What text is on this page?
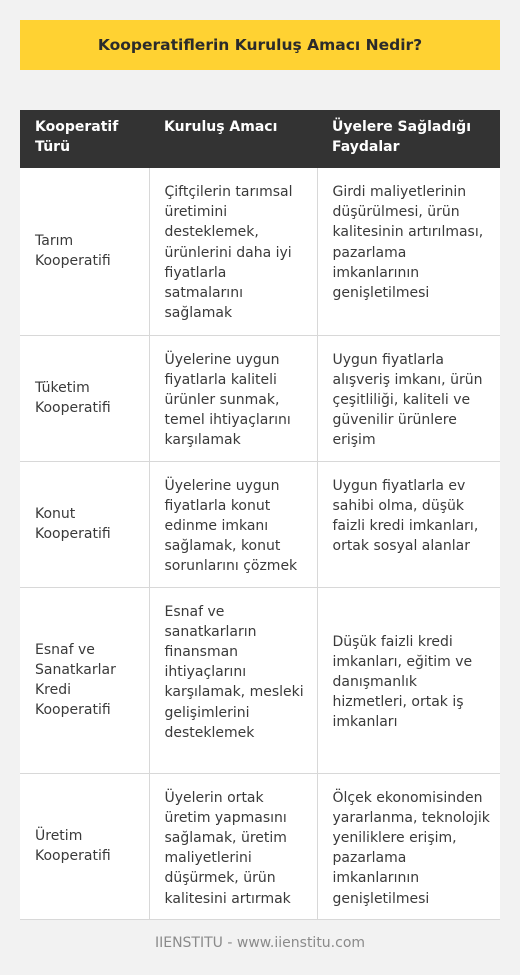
Kooperatiflerin Kuruluş Amacı Nedir?
Kooperatif Türü	Kuruluş Amacı	Üyelere Sağladığı Faydalar
Tarım Kooperatifi	Çiftçilerin tarımsal üretimini desteklemek, ürünlerini daha iyi fiyatlarla satmalarını sağlamak	Girdi maliyetlerinin düşürülmesi, ürün kalitesinin artırılması, pazarlama imkanlarının genişletilmesi
Tüketim Kooperatifi	Üyelerine uygun fiyatlarla kaliteli ürünler sunmak, temel ihtiyaçlarını karşılamak	Uygun fiyatlarla alışveriş imkanı, ürün çeşitliliği, kaliteli ve güvenilir ürünlere erişim
Konut Kooperatifi	Üyelerine uygun fiyatlarla konut edinme imkanı sağlamak, konut sorunlarını çözmek	Uygun fiyatlarla ev sahibi olma, düşük faizli kredi imkanları, ortak sosyal alanlar
Esnaf ve Sanatkarlar Kredi Kooperatifi	Esnaf ve sanatkarların finansman ihtiyaçlarını karşılamak, mesleki gelişimlerini desteklemek	Düşük faizli kredi imkanları, eğitim ve danışmanlık hizmetleri, ortak iş imkanları
Üretim Kooperatifi	Üyelerin ortak üretim yapmasını sağlamak, üretim maliyetlerini düşürmek, ürün kalitesini artırmak	Ölçek ekonomisinden yararlanma, teknolojik yeniliklere erişim, pazarlama imkanlarının genişletilmesi
IIENSTITU - www.iienstitu.com
